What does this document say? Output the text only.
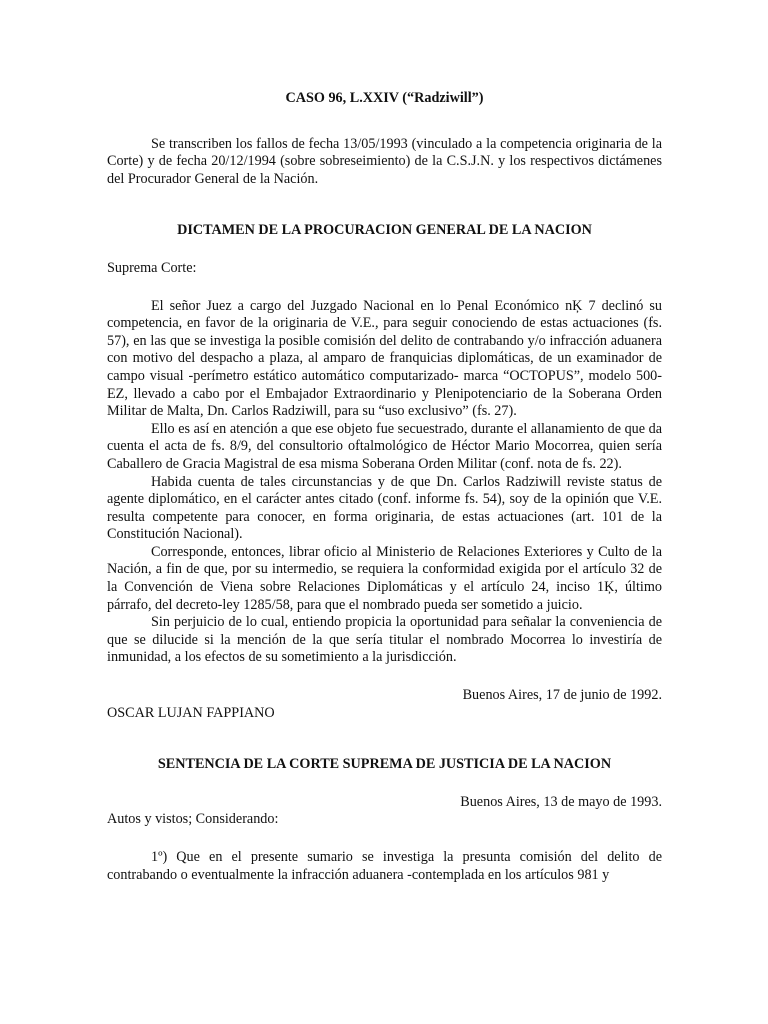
CASO 96, L.XXIV (“Radziwill”)

Se transcriben los fallos de fecha 13/05/1993 (vinculado a la competencia originaria de la Corte) y de fecha 20/12/1994 (sobre sobreseimiento) de la C.S.J.N. y los respectivos dictámenes del Procurador General de la Nación.

DICTAMEN DE LA PROCURACION GENERAL DE LA NACION

Suprema Corte:

El señor Juez a cargo del Juzgado Nacional en lo Penal Económico nĶ 7 declinó su competencia, en favor de la originaria de V.E., para seguir conociendo de estas actuaciones (fs. 57), en las que se investiga la posible comisión del delito de contrabando y/o infracción aduanera con motivo del despacho a plaza, al amparo de franquicias diplomáticas, de un examinador de campo visual -perímetro estático automático computarizado- marca “OCTOPUS”, modelo 500-EZ, llevado a cabo por el Embajador Extraordinario y Plenipotenciario de la Soberana Orden Militar de Malta, Dn. Carlos Radziwill, para su “uso exclusivo” (fs. 27).

Ello es así en atención a que ese objeto fue secuestrado, durante el allanamiento de que da cuenta el acta de fs. 8/9, del consultorio oftalmológico de Héctor Mario Mocorrea, quien sería Caballero de Gracia Magistral de esa misma Soberana Orden Militar (conf. nota de fs. 22).

Habida cuenta de tales circunstancias y de que Dn. Carlos Radziwill reviste status de agente diplomático, en el carácter antes citado (conf. informe fs. 54), soy de la opinión que V.E. resulta competente para conocer, en forma originaria, de estas actuaciones (art. 101 de la Constitución Nacional).

Corresponde, entonces, librar oficio al Ministerio de Relaciones Exteriores y Culto de la Nación, a fin de que, por su intermedio, se requiera la conformidad exigida por el artículo 32 de la Convención de Viena sobre Relaciones Diplomáticas y el artículo 24, inciso 1Ķ, último párrafo, del decreto-ley 1285/58, para que el nombrado pueda ser sometido a juicio.

Sin perjuicio de lo cual, entiendo propicia la oportunidad para señalar la conveniencia de que se dilucide si la mención de la que sería titular el nombrado Mocorrea lo investiría de inmunidad, a los efectos de su sometimiento a la jurisdicción.

Buenos Aires, 17 de junio de 1992.

OSCAR LUJAN FAPPIANO

SENTENCIA DE LA CORTE SUPREMA DE JUSTICIA DE LA NACION

Buenos Aires, 13 de mayo de 1993.

Autos y vistos; Considerando:

1º) Que en el presente sumario se investiga la presunta comisión del delito de contrabando o eventualmente la infracción aduanera -contemplada en los artículos 981 y
